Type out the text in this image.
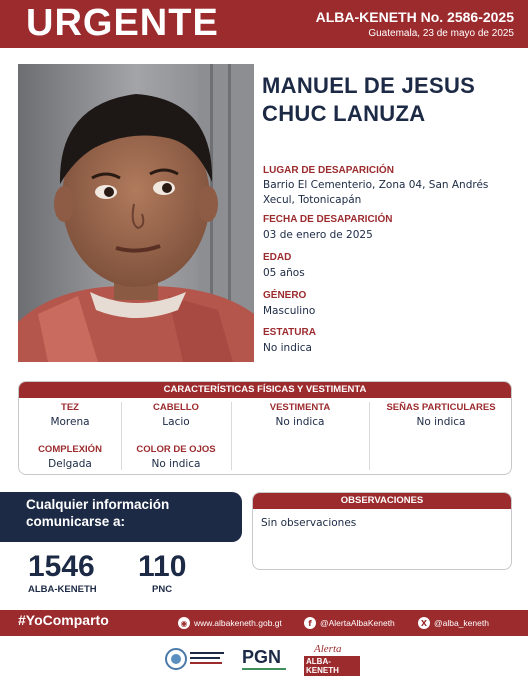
URGENTE	ALBA-KENETH No. 2586-2025
Guatemala, 23 de mayo de 2025
MANUEL DE JESUS
CHUC LANUZA
LUGAR DE DESAPARICIÓN
Barrio El Cementerio, Zona 04, San Andrés Xecul, Totonicapán
FECHA DE DESAPARICIÓN
03 de enero de 2025
EDAD
05 años
GÉNERO
Masculino
ESTATURA
No indica
CARACTERÍSTICAS FÍSICAS Y VESTIMENTA
TEZ
Morena
CABELLO
Lacio
VESTIMENTA
No indica
SEÑAS PARTICULARES
No indica
COMPLEXIÓN
Delgada
COLOR DE OJOS
No indica
Cualquier información
comunicarse a:
1546
ALBA-KENETH
110
PNC
OBSERVACIONES
Sin observaciones
#YoComparto	◉ www.albakeneth.gob.gt	f @AlertaAlbaKeneth	X @alba_keneth
PGN	Alerta
ALBA-KENETH
